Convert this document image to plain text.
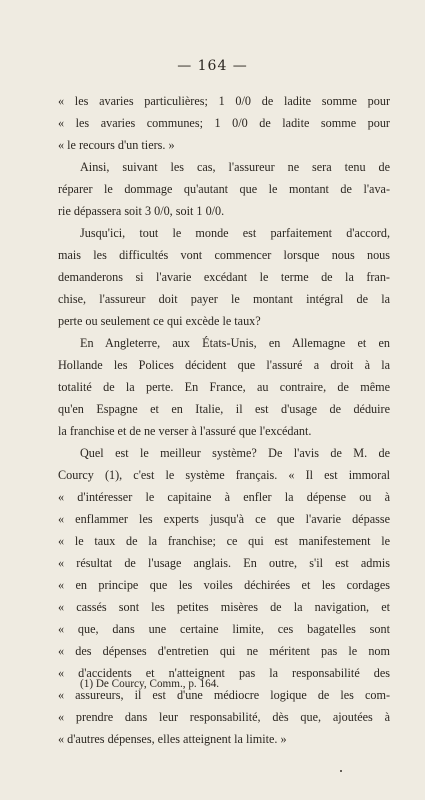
— 164 —
« les avaries particulières; 1 0/0 de ladite somme pour
« les avaries communes; 1 0/0 de ladite somme pour
« le recours d'un tiers. »
Ainsi, suivant les cas, l'assureur ne sera tenu de
réparer le dommage qu'autant que le montant de l'ava-
rie dépassera soit 3 0/0, soit 1 0/0.
Jusqu'ici, tout le monde est parfaitement d'accord,
mais les difficultés vont commencer lorsque nous nous
demanderons si l'avarie excédant le terme de la fran-
chise, l'assureur doit payer le montant intégral de la
perte ou seulement ce qui excède le taux?
En Angleterre, aux États-Unis, en Allemagne et en
Hollande les Polices décident que l'assuré a droit à la
totalité de la perte. En France, au contraire, de même
qu'en Espagne et en Italie, il est d'usage de déduire
la franchise et de ne verser à l'assuré que l'excédant.
Quel est le meilleur système? De l'avis de M. de
Courcy (1), c'est le système français. « Il est immoral
« d'intéresser le capitaine à enfler la dépense ou à
« enflammer les experts jusqu'à ce que l'avarie dépasse
« le taux de la franchise; ce qui est manifestement le
« résultat de l'usage anglais. En outre, s'il est admis
« en principe que les voiles déchirées et les cordages
« cassés sont les petites misères de la navigation, et
« que, dans une certaine limite, ces bagatelles sont
« des dépenses d'entretien qui ne méritent pas le nom
« d'accidents et n'atteignent pas la responsabilité des
« assureurs, il est d'une médiocre logique de les com-
« prendre dans leur responsabilité, dès que, ajoutées à
« d'autres dépenses, elles atteignent la limite. »
(1) De Courcy, Comm., p. 164.
